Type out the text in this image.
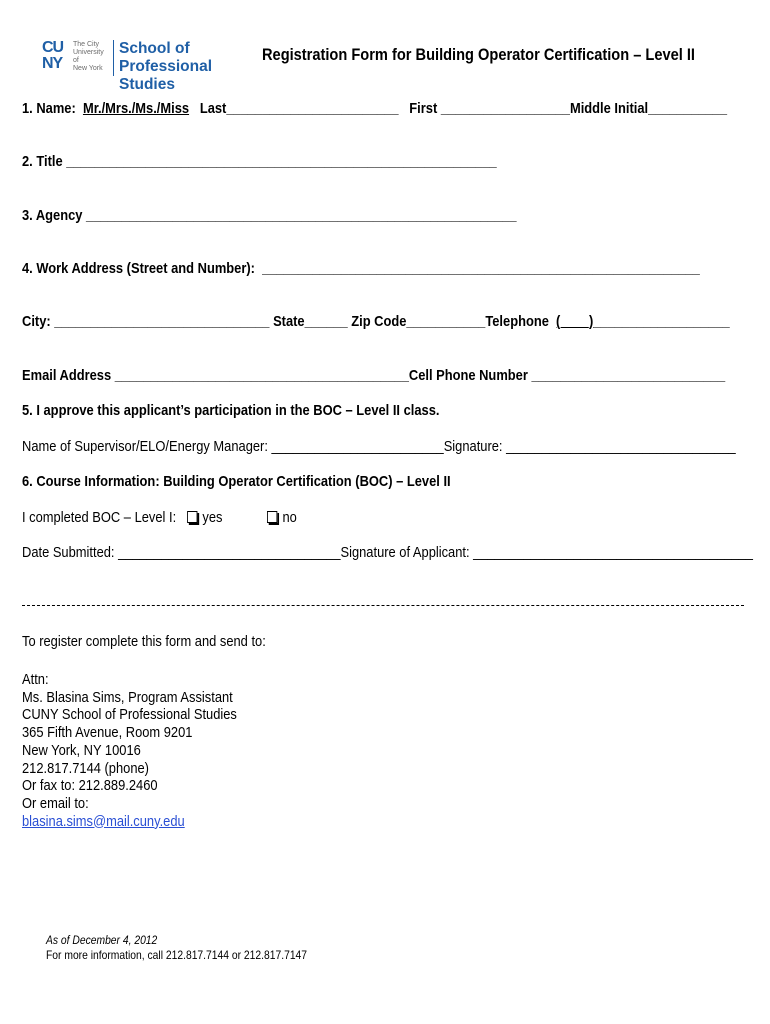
CU
NY
The City
University
of
New York
School of
Professional Studies
Registration Form for Building Operator Certification – Level II
1. Name: Mr./Mrs./Ms./Miss Last________________________ First __________________Middle Initial___________
2. Title ____________________________________________________________
3. Agency ____________________________________________________________
4. Work Address (Street and Number): _____________________________________________________________
City: ______________________________ State______ Zip Code___________Telephone (____)___________________
Email Address _________________________________________Cell Phone Number ___________________________
5. I approve this applicant’s participation in the BOC – Level II class.
Name of Supervisor/ELO/Energy Manager: ________________________Signature: ________________________________
6. Course Information: Building Operator Certification (BOC) – Level II
I completed BOC – Level I: yes	no
Date Submitted: _______________________________Signature of Applicant: _______________________________________
To register complete this form and send to:
Attn:
Ms. Blasina Sims, Program Assistant
CUNY School of Professional Studies
365 Fifth Avenue, Room 9201
New York, NY 10016
212.817.7144 (phone)
Or fax to: 212.889.2460
Or email to:
blasina.sims@mail.cuny.edu
As of December 4, 2012
For more information, call 212.817.7144 or 212.817.7147
